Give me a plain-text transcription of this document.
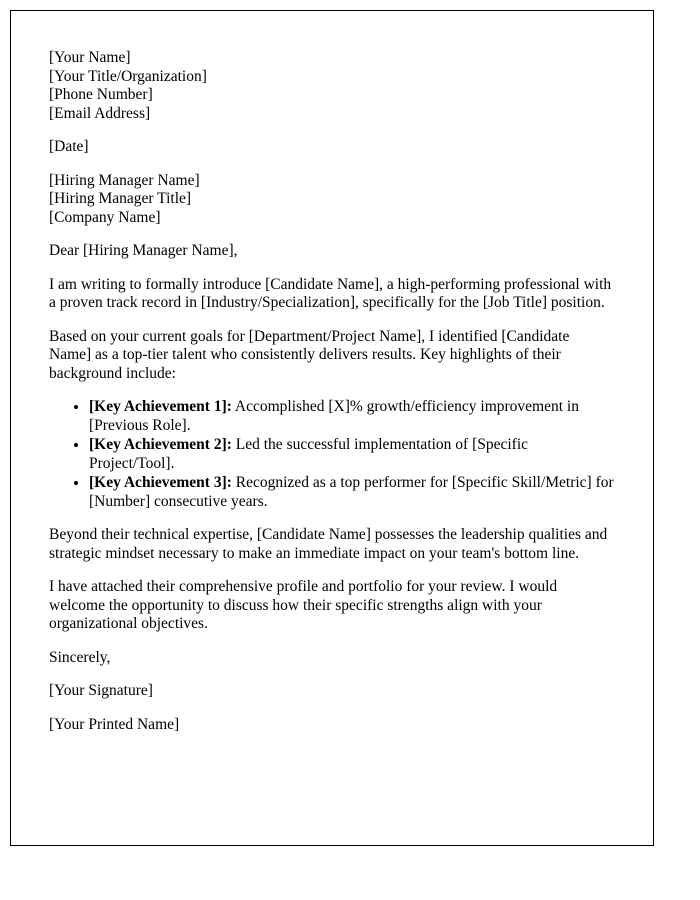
[Your Name]

[Your Title/Organization]

[Phone Number]

[Email Address]

[Date]

[Hiring Manager Name]

[Hiring Manager Title]

[Company Name]

Dear [Hiring Manager Name],

I am writing to formally introduce [Candidate Name], a high-performing professional with a proven track record in [Industry/Specialization], specifically for the [Job Title] position.

Based on your current goals for [Department/Project Name], I identified [Candidate Name] as a top-tier talent who consistently delivers results. Key highlights of their background include:

• [Key Achievement 1]: Accomplished [X]% growth/efficiency improvement in [Previous Role].
• [Key Achievement 2]: Led the successful implementation of [Specific Project/Tool].
• [Key Achievement 3]: Recognized as a top performer for [Specific Skill/Metric] for [Number] consecutive years.

Beyond their technical expertise, [Candidate Name] possesses the leadership qualities and strategic mindset necessary to make an immediate impact on your team's bottom line.

I have attached their comprehensive profile and portfolio for your review. I would welcome the opportunity to discuss how their specific strengths align with your organizational objectives.

Sincerely,

[Your Signature]

[Your Printed Name]
